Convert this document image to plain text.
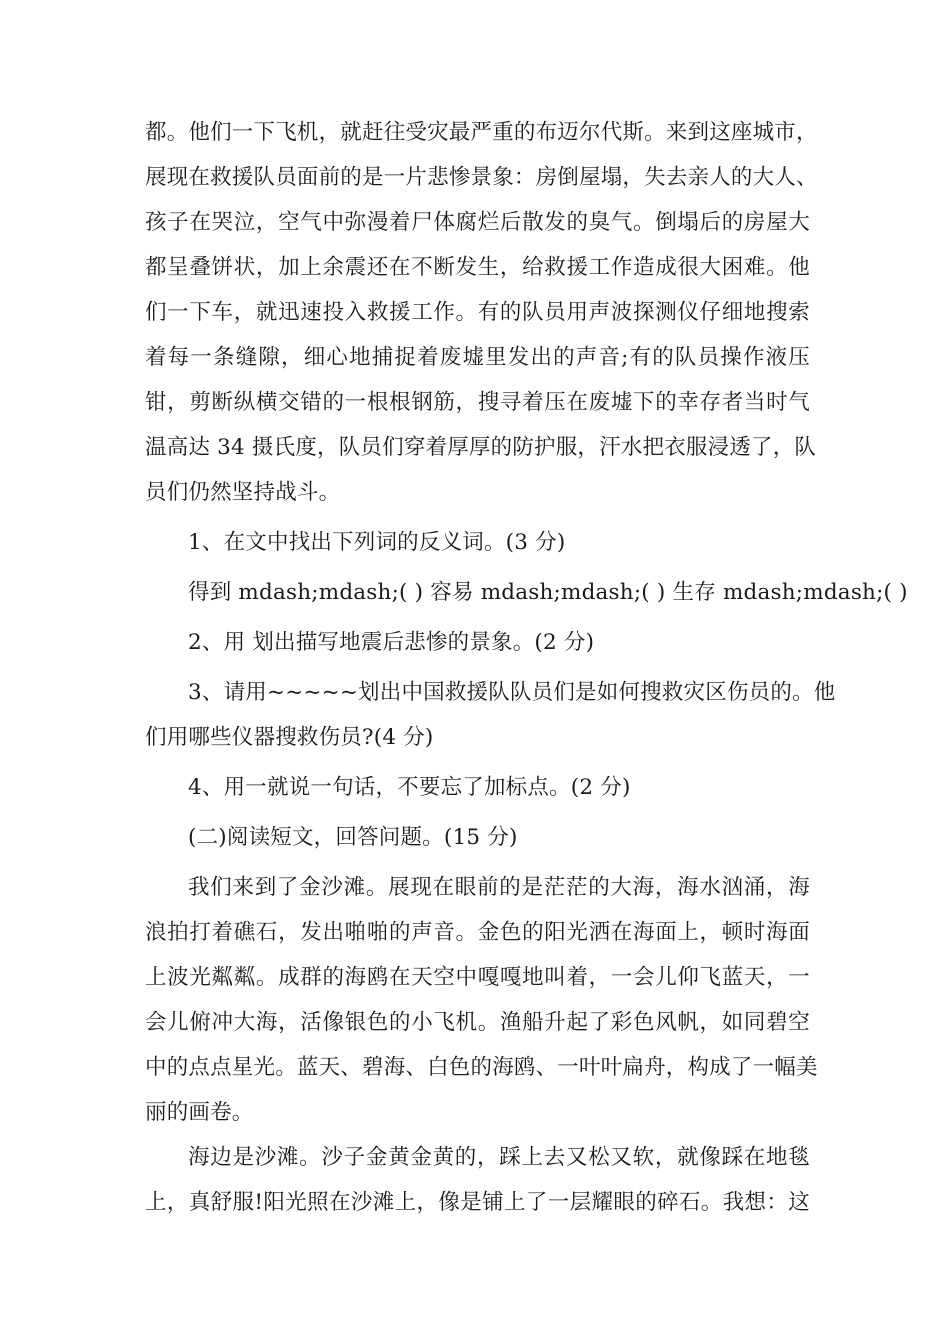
都。他们一下飞机，就赶往受灾最严重的布迈尔代斯。来到这座城市，
展现在救援队员面前的是一片悲惨景象：房倒屋塌，失去亲人的大人、
孩子在哭泣，空气中弥漫着尸体腐烂后散发的臭气。倒塌后的房屋大
都呈叠饼状，加上余震还在不断发生，给救援工作造成很大困难。他
们一下车，就迅速投入救援工作。有的队员用声波探测仪仔细地搜索
着每一条缝隙，细心地捕捉着废墟里发出的声音;有的队员操作液压
钳，剪断纵横交错的一根根钢筋，搜寻着压在废墟下的幸存者当时气
温高达 34 摄氏度，队员们穿着厚厚的防护服，汗水把衣服浸透了，队
员们仍然坚持战斗。
1、在文中找出下列词的反义词。(3 分)
得到 mdash;mdash;( ) 容易 mdash;mdash;( ) 生存 mdash;mdash;( )
2、用 划出描写地震后悲惨的景象。(2 分)
3、请用~~~~~划出中国救援队队员们是如何搜救灾区伤员的。他
们用哪些仪器搜救伤员?(4 分)
4、用一就说一句话，不要忘了加标点。(2 分)
(二)阅读短文，回答问题。(15 分)
我们来到了金沙滩。展现在眼前的是茫茫的大海，海水汹涌，海
浪拍打着礁石，发出啪啪的声音。金色的阳光洒在海面上，顿时海面
上波光粼粼。成群的海鸥在天空中嘎嘎地叫着，一会儿仰飞蓝天，一
会儿俯冲大海，活像银色的小飞机。渔船升起了彩色风帆，如同碧空
中的点点星光。蓝天、碧海、白色的海鸥、一叶叶扁舟，构成了一幅美
丽的画卷。
海边是沙滩。沙子金黄金黄的，踩上去又松又软，就像踩在地毯
上，真舒服!阳光照在沙滩上，像是铺上了一层耀眼的碎石。我想：这
